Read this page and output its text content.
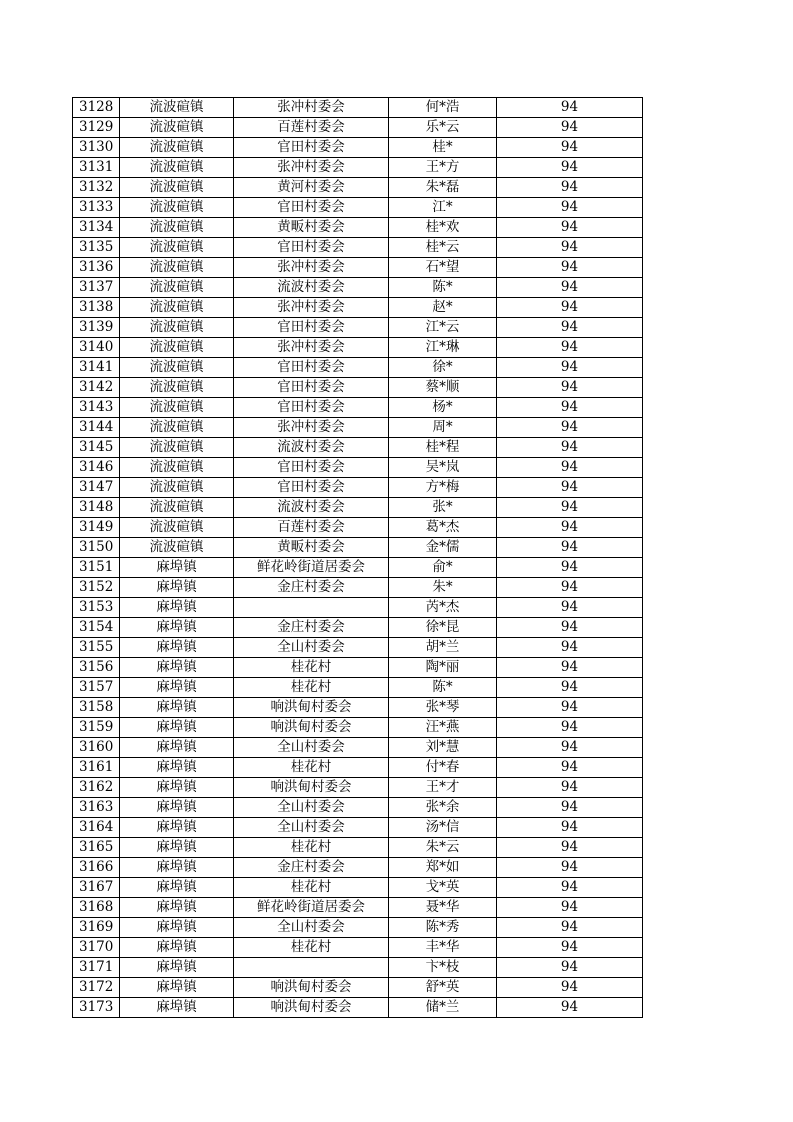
3128	流波碹镇	张冲村委会	何*浩	94
3129	流波碹镇	百莲村委会	乐*云	94
3130	流波碹镇	官田村委会	桂*	94
3131	流波碹镇	张冲村委会	王*方	94
3132	流波碹镇	黄河村委会	朱*磊	94
3133	流波碹镇	官田村委会	江*	94
3134	流波碹镇	黄畈村委会	桂*欢	94
3135	流波碹镇	官田村委会	桂*云	94
3136	流波碹镇	张冲村委会	石*望	94
3137	流波碹镇	流波村委会	陈*	94
3138	流波碹镇	张冲村委会	赵*	94
3139	流波碹镇	官田村委会	江*云	94
3140	流波碹镇	张冲村委会	江*琳	94
3141	流波碹镇	官田村委会	徐*	94
3142	流波碹镇	官田村委会	蔡*顺	94
3143	流波碹镇	官田村委会	杨*	94
3144	流波碹镇	张冲村委会	周*	94
3145	流波碹镇	流波村委会	桂*程	94
3146	流波碹镇	官田村委会	吴*岚	94
3147	流波碹镇	官田村委会	方*梅	94
3148	流波碹镇	流波村委会	张*	94
3149	流波碹镇	百莲村委会	葛*杰	94
3150	流波碹镇	黄畈村委会	金*儒	94
3151	麻埠镇	鲜花岭街道居委会	俞*	94
3152	麻埠镇	金庄村委会	朱*	94
3153	麻埠镇		芮*杰	94
3154	麻埠镇	金庄村委会	徐*昆	94
3155	麻埠镇	全山村委会	胡*兰	94
3156	麻埠镇	桂花村	陶*丽	94
3157	麻埠镇	桂花村	陈*	94
3158	麻埠镇	响洪甸村委会	张*琴	94
3159	麻埠镇	响洪甸村委会	汪*燕	94
3160	麻埠镇	全山村委会	刘*慧	94
3161	麻埠镇	桂花村	付*春	94
3162	麻埠镇	响洪甸村委会	王*才	94
3163	麻埠镇	全山村委会	张*余	94
3164	麻埠镇	全山村委会	汤*信	94
3165	麻埠镇	桂花村	朱*云	94
3166	麻埠镇	金庄村委会	郑*如	94
3167	麻埠镇	桂花村	戈*英	94
3168	麻埠镇	鲜花岭街道居委会	聂*华	94
3169	麻埠镇	全山村委会	陈*秀	94
3170	麻埠镇	桂花村	丰*华	94
3171	麻埠镇		卞*枝	94
3172	麻埠镇	响洪甸村委会	舒*英	94
3173	麻埠镇	响洪甸村委会	储*兰	94
